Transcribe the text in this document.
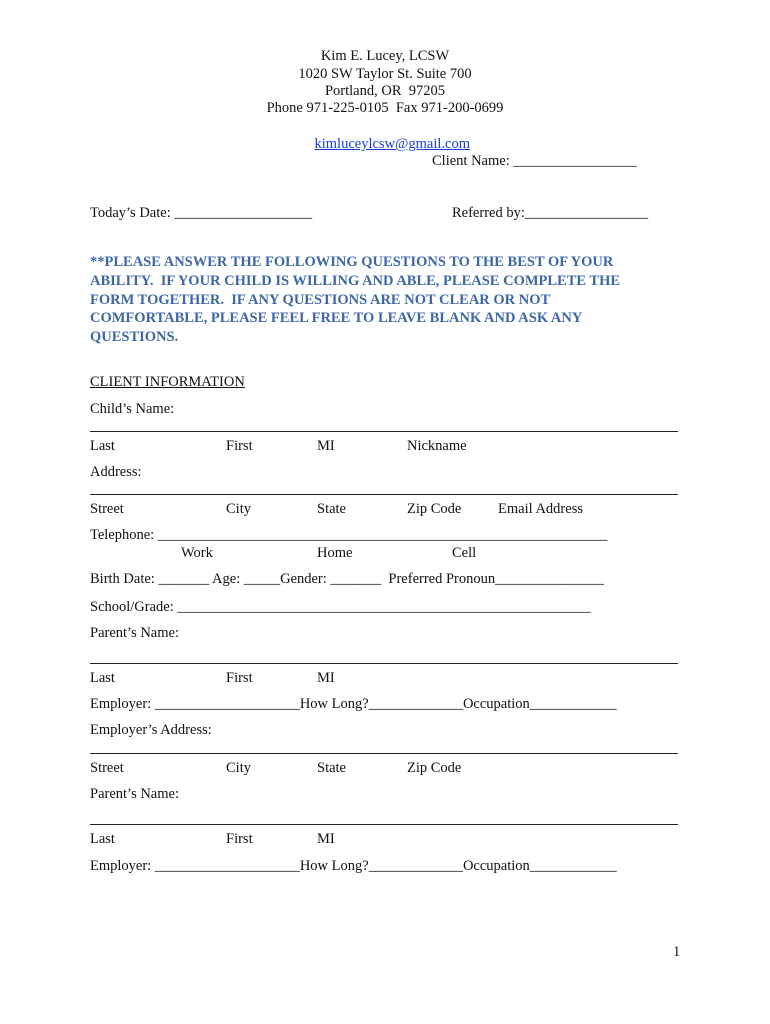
Kim E. Lucey, LCSW
1020 SW Taylor St. Suite 700
Portland, OR  97205
Phone 971-225-0105  Fax 971-200-0699

kimluceylcsw@gmail.com

Client Name: _________________
Today’s Date: ___________________	Referred by:_________________
**PLEASE ANSWER THE FOLLOWING QUESTIONS TO THE BEST OF YOUR
ABILITY.  IF YOUR CHILD IS WILLING AND ABLE, PLEASE COMPLETE THE
FORM TOGETHER.  IF ANY QUESTIONS ARE NOT CLEAR OR NOT
COMFORTABLE, PLEASE FEEL FREE TO LEAVE BLANK AND ASK ANY
QUESTIONS.
CLIENT INFORMATION
Child’s Name:
Last	First	MI	Nickname
Address:
Street	City	State	Zip Code	Email Address
Telephone: ______________________________________________________________
Work	Home	Cell
Birth Date: _______ Age: _____Gender: _______  Preferred Pronoun_______________
School/Grade: _________________________________________________________
Parent’s Name:
Last	First	MI
Employer: ____________________How Long?_____________Occupation____________
Employer’s Address:
Street	City	State	Zip Code
Parent’s Name:
Last	First	MI
Employer: ____________________How Long?_____________Occupation____________
1
